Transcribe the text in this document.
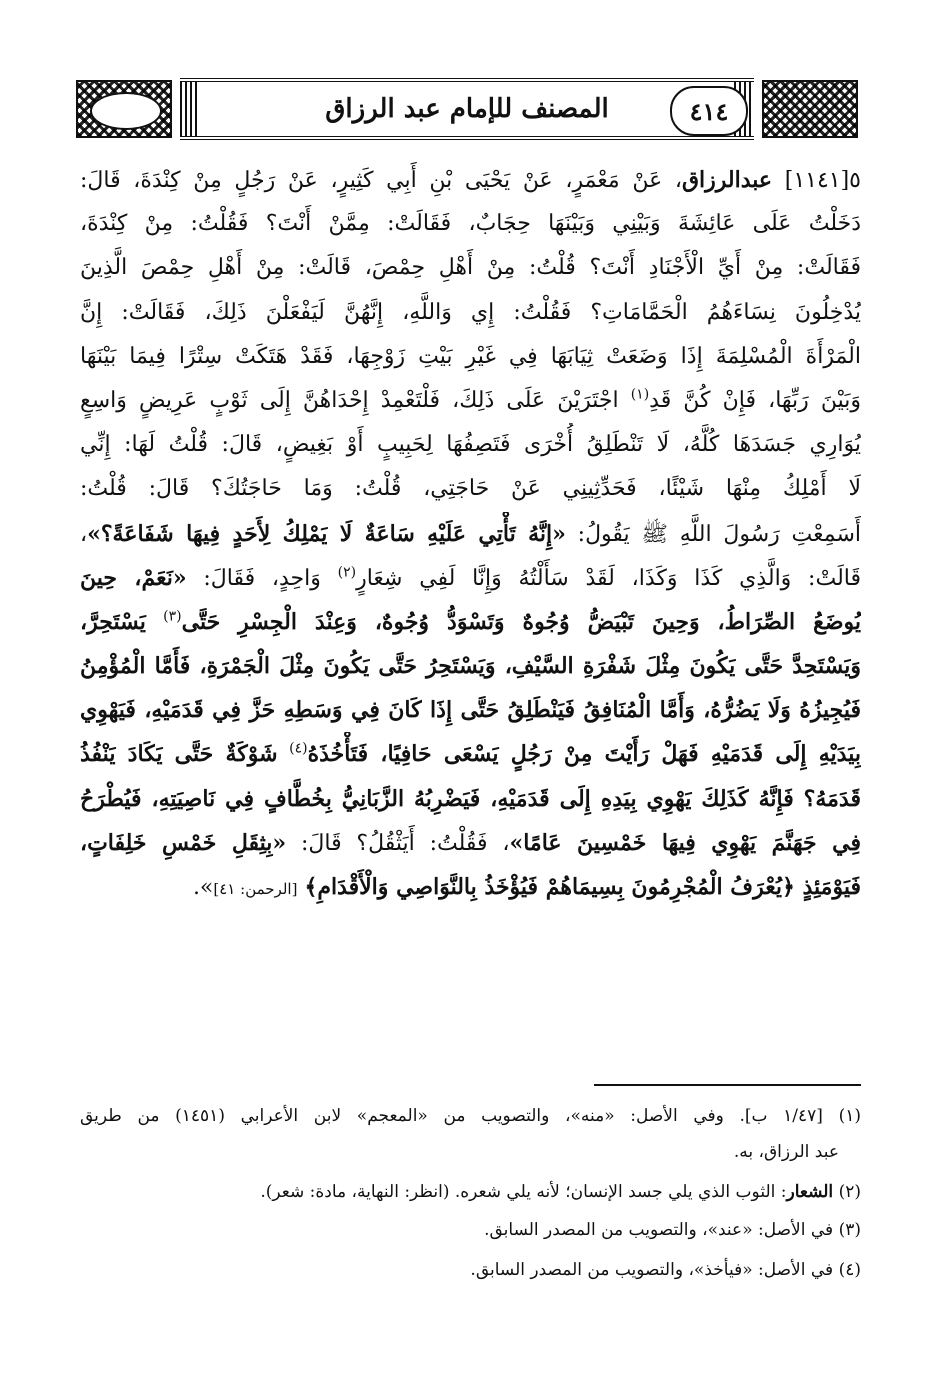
المصنف للإمام عبد الرزاق	٤١٤
٥[١١٤١] عبدالرزاق، عَنْ مَعْمَرٍ، عَنْ يَحْيَى بْنِ أَبِي كَثِيرٍ، عَنْ رَجُلٍ مِنْ كِنْدَةَ، قَالَ:
دَخَلْتُ عَلَى عَائِشَةَ وَبَيْنِي وَبَيْنَهَا حِجَابٌ، فَقَالَتْ: مِمَّنْ أَنْتَ؟ فَقُلْتُ: مِنْ كِنْدَةَ،
فَقَالَتْ: مِنْ أَيِّ الْأَجْنَادِ أَنْتَ؟ قُلْتُ: مِنْ أَهْلِ حِمْصَ، قَالَتْ: مِنْ أَهْلِ حِمْصَ الَّذِينَ
يُدْخِلُونَ نِسَاءَهُمُ الْحَمَّامَاتِ؟ فَقُلْتُ: إِي وَاللَّهِ، إِنَّهُنَّ لَيَفْعَلْنَ ذَلِكَ، فَقَالَتْ: إِنَّ
الْمَرْأَةَ الْمُسْلِمَةَ إِذَا وَضَعَتْ ثِيَابَهَا فِي غَيْرِ بَيْتِ زَوْجِهَا، فَقَدْ هَتَكَتْ سِتْرًا فِيمَا بَيْنَهَا
وَبَيْنَ رَبِّهَا، فَإِنْ كُنَّ قَدِ$^{(١)}$ اجْتَرَيْنَ عَلَى ذَلِكَ، فَلْتَعْمِدْ إِحْدَاهُنَّ إِلَى ثَوْبٍ عَرِيضٍ وَاسِعٍ
يُوَارِي جَسَدَهَا كُلَّهُ، لَا تَنْطَلِقُ أُخْرَى فَتَصِفُهَا لِحَبِيبٍ أَوْ بَغِيضٍ، قَالَ: قُلْتُ لَهَا: إِنِّي
لَا أَمْلِكُ مِنْهَا شَيْئًا، فَحَدِّثِينِي عَنْ حَاجَتِي، قُلْتُ: وَمَا حَاجَتُكَ؟ قَالَ: قُلْتُ:
أَسَمِعْتِ رَسُولَ اللَّهِ ﷺ يَقُولُ: «إِنَّهُ تَأْتِي عَلَيْهِ سَاعَةٌ لَا يَمْلِكُ لِأَحَدٍ فِيهَا شَفَاعَةً؟»،
قَالَتْ: وَالَّذِي كَذَا وَكَذَا، لَقَدْ سَأَلْتُهُ وَإِنَّا لَفِي شِعَارٍ$^{(٢)}$ وَاحِدٍ، فَقَالَ: «نَعَمْ، حِينَ
يُوضَعُ الصِّرَاطُ، وَحِينَ تَبْيَضُّ وُجُوهٌ وَتَسْوَدُّ وُجُوهٌ، وَعِنْدَ الْجِسْرِ حَتَّى$^{(٣)}$ يَسْتَحِرَّ،
وَيَسْتَحِدَّ حَتَّى يَكُونَ مِثْلَ شَفْرَةِ السَّيْفِ، وَيَسْتَحِرُ حَتَّى يَكُونَ مِثْلَ الْجَمْرَةِ، فَأَمَّا الْمُؤْمِنُ
فَيُجِيزُهُ وَلَا يَضُرُّهُ، وَأَمَّا الْمُنَافِقُ فَيَنْطَلِقُ حَتَّى إِذَا كَانَ فِي وَسَطِهِ حَزَّ فِي قَدَمَيْهِ، فَيَهْوِي
بِيَدَيْهِ إِلَى قَدَمَيْهِ فَهَلْ رَأَيْتَ مِنْ رَجُلٍ يَسْعَى حَافِيًا، فَتَأْخُذَهُ$^{(٤)}$ شَوْكَةٌ حَتَّى يَكَادَ يَنْفُذُ
قَدَمَهُ؟ فَإِنَّهُ كَذَلِكَ يَهْوِي بِيَدِهِ إِلَى قَدَمَيْهِ، فَيَضْرِبُهُ الزَّبَانِيُّ بِخُطَّافٍ فِي نَاصِيَتِهِ، فَيُطْرَحُ
فِي جَهَنَّمَ يَهْوِي فِيهَا خَمْسِينَ عَامًا»، فَقُلْتُ: أَيَثْقُلُ؟ قَالَ: «بِثِقَلِ خَمْسِ خَلِفَاتٍ،
فَيَوْمَئِذٍ ﴿يُعْرَفُ الْمُجْرِمُونَ بِسِيمَاهُمْ فَيُؤْخَذُ بِالنَّوَاصِي وَالْأَقْدَامِ﴾ [الرحمن: ٤١]».
(١) [١/٤٧ ب]. وفي الأصل: «منه»، والتصويب من «المعجم» لابن الأعرابي (١٤٥١) من طريق
عبد الرزاق، به.
(٢) الشعار: الثوب الذي يلي جسد الإنسان؛ لأنه يلي شعره. (انظر: النهاية، مادة: شعر).
(٣) في الأصل: «عند»، والتصويب من المصدر السابق.
(٤) في الأصل: «فيأخذ»، والتصويب من المصدر السابق.
